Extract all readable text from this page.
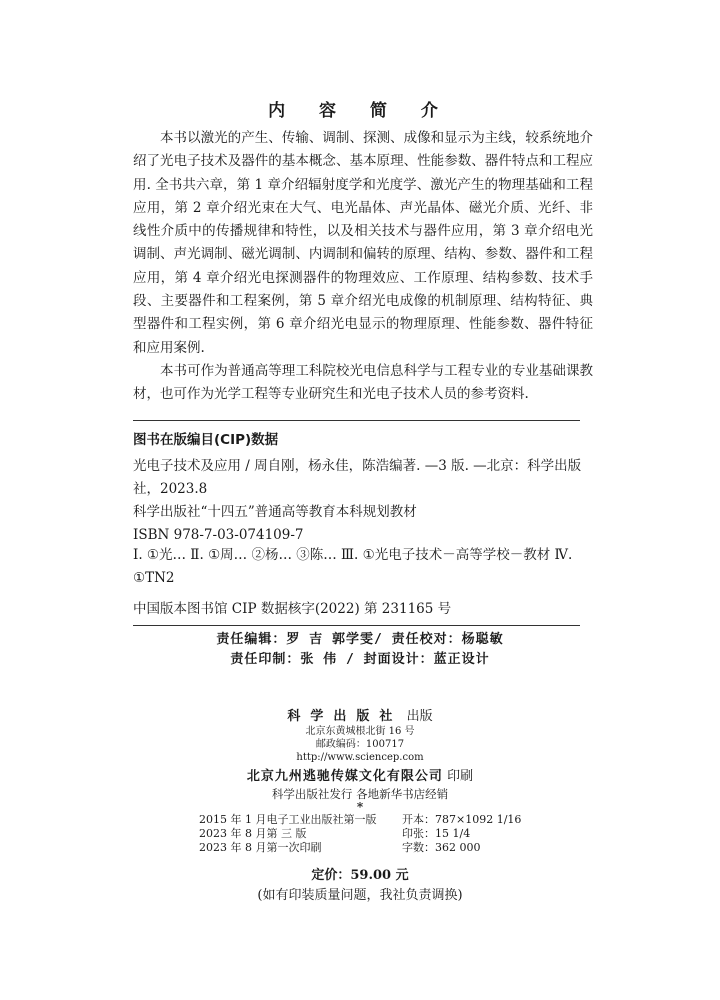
内 容 简 介

本书以激光的产生、传输、调制、探测、成像和显示为主线，较系统地介绍了光电子技术及器件的基本概念、基本原理、性能参数、器件特点和工程应用. 全书共六章，第 1 章介绍辐射度学和光度学、激光产生的物理基础和工程应用，第 2 章介绍光束在大气、电光晶体、声光晶体、磁光介质、光纤、非线性介质中的传播规律和特性，以及相关技术与器件应用，第 3 章介绍电光调制、声光调制、磁光调制、内调制和偏转的原理、结构、参数、器件和工程应用，第 4 章介绍光电探测器件的物理效应、工作原理、结构参数、技术手段、主要器件和工程案例，第 5 章介绍光电成像的机制原理、结构特征、典型器件和工程实例，第 6 章介绍光电显示的物理原理、性能参数、器件特征和应用案例.

本书可作为普通高等理工科院校光电信息科学与工程专业的专业基础课教材，也可作为光学工程等专业研究生和光电子技术人员的参考资料.

图书在版编目(CIP)数据
光电子技术及应用 / 周自刚，杨永佳，陈浩编著. —3 版. —北京：科学出版社，2023.8
科学出版社“十四五”普通高等教育本科规划教材
ISBN 978-7-03-074109-7
Ⅰ. ①光… Ⅱ. ①周… ②杨… ③陈… Ⅲ. ①光电子技术－高等学校－教材 Ⅳ. ①TN2
中国版本图书馆 CIP 数据核字(2022) 第 231165 号
责任编辑：罗 吉 郭学雯/ 责任校对：杨聪敏
责任印制：张 伟 / 封面设计：蓝正设计
科学出版社 出版
北京东黄城根北街 16 号
邮政编码：100717
http://www.sciencep.com
北京九州逃驰传媒文化有限公司 印刷
科学出版社发行 各地新华书店经销
*
2015 年 1 月电子工业出版社第一版	开本：787×1092 1/16
2023 年 8 月第 三 版	印张：15 1/4
2023 年 8 月第一次印刷	字数：362 000
定价：59.00 元
(如有印装质量问题，我社负责调换)
